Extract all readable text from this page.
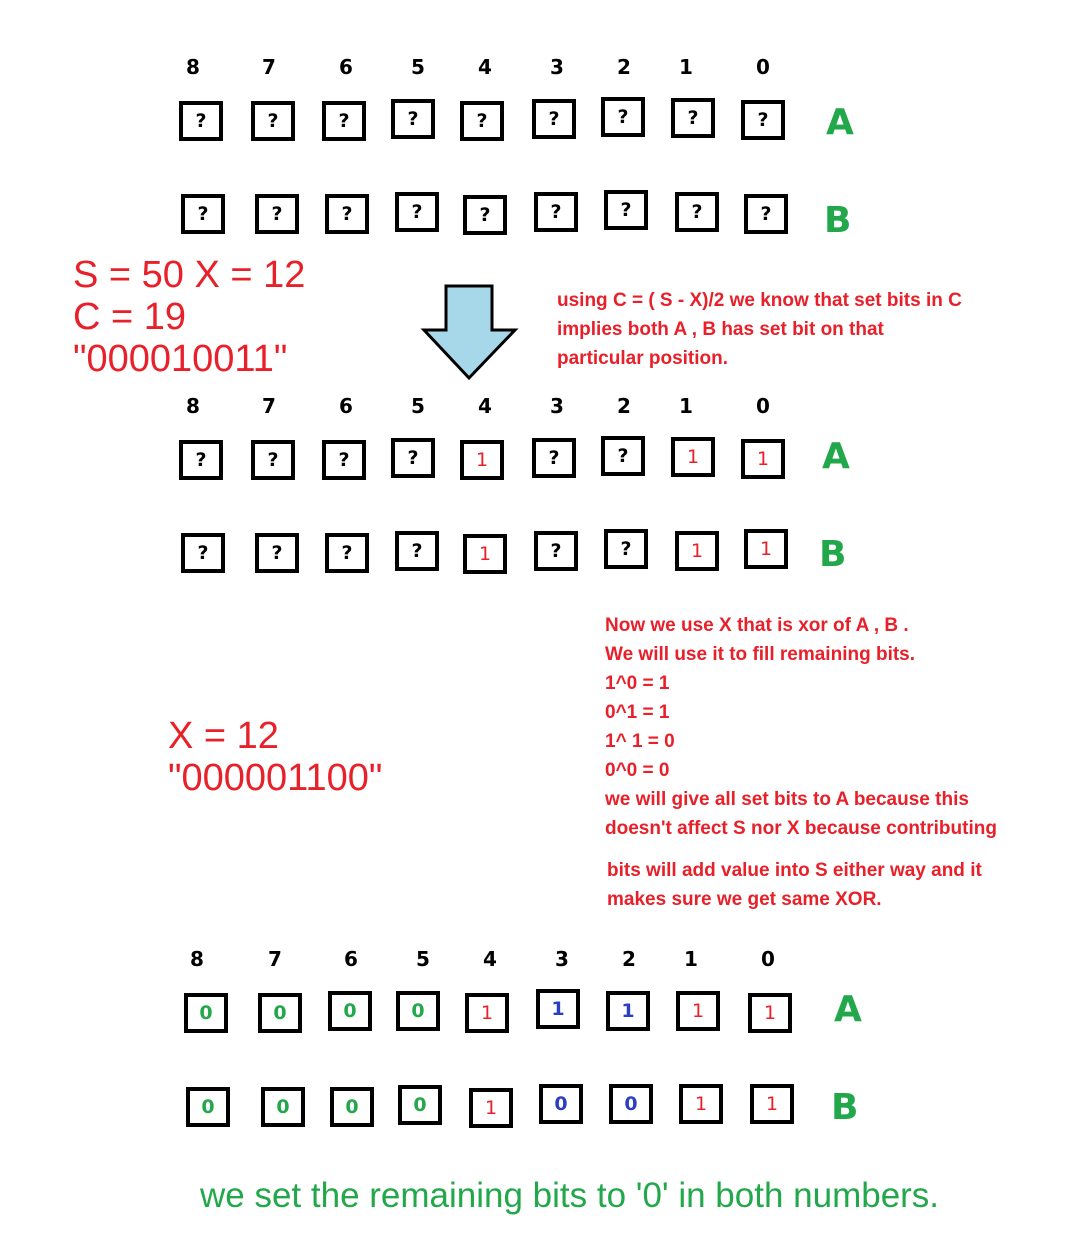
8	7	6	5	4	3	2	1	0
?	?	?	?	?	?	?	?	?	A
?	?	?	?	?	?	?	?	?	B
S = 50 X = 12
C = 19
"000010011"
using C = ( S - X)/2 we know that set bits in C
implies both A , B has set bit on that
particular position.
8	7	6	5	4	3	2	1	0
?	?	?	?	1	?	?	1	1	A
?	?	?	?	1	?	?	1	1	B
Now we use X that is xor of A , B .
We will use it to fill remaining bits.
1^0 = 1
0^1 = 1
1^ 1 = 0
0^0 = 0
we will give all set bits to A because this
doesn't affect S nor X because contributing
X = 12
"000001100"
bits will add value into S either way and it
makes sure we get same XOR.
8	7	6	5	4	3	2	1	0
0	0	0	0	1	1	1	1	1	A
0	0	0	0	1	0	0	1	1	B
we set the remaining bits to '0' in both numbers.
